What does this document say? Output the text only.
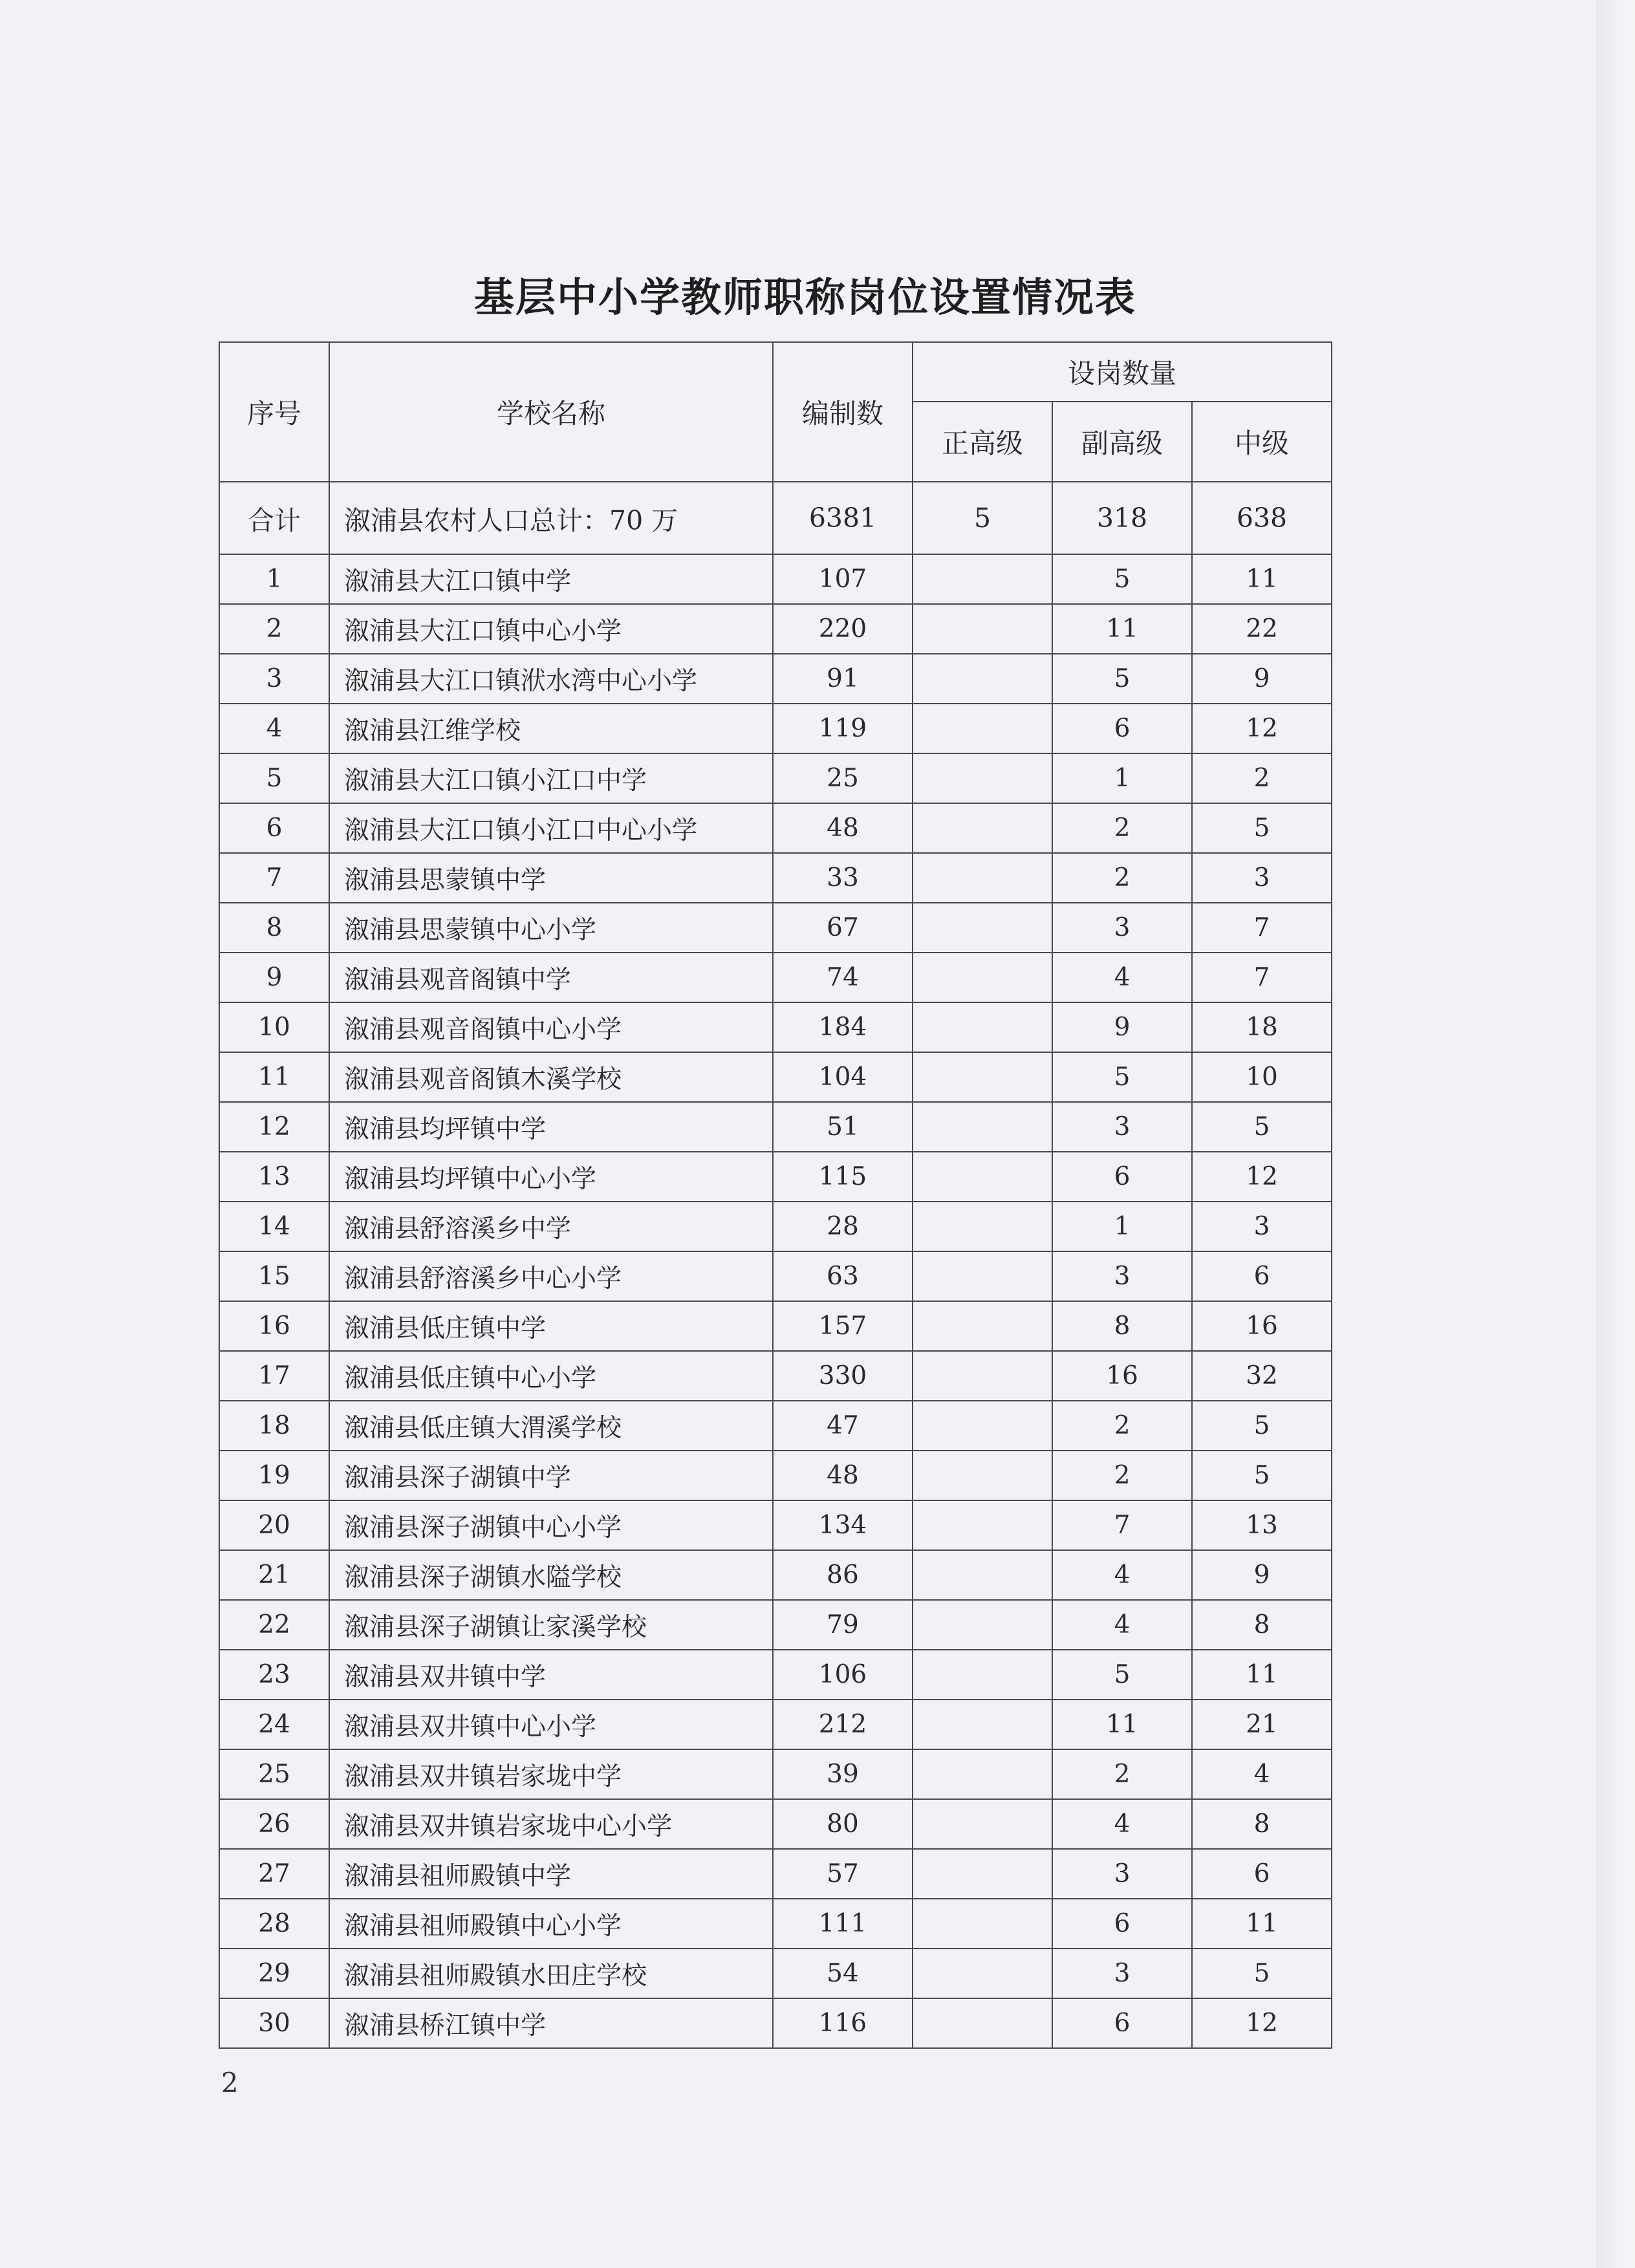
基层中小学教师职称岗位设置情况表
序号	学校名称	编制数	设岗数量		
			正高级	副高级	中级
合计	溆浦县农村人口总计：70 万	6381	5	318	638
1	溆浦县大江口镇中学	107		5	11
2	溆浦县大江口镇中心小学	220		11	22
3	溆浦县大江口镇洑水湾中心小学	91		5	9
4	溆浦县江维学校	119		6	12
5	溆浦县大江口镇小江口中学	25		1	2
6	溆浦县大江口镇小江口中心小学	48		2	5
7	溆浦县思蒙镇中学	33		2	3
8	溆浦县思蒙镇中心小学	67		3	7
9	溆浦县观音阁镇中学	74		4	7
10	溆浦县观音阁镇中心小学	184		9	18
11	溆浦县观音阁镇木溪学校	104		5	10
12	溆浦县均坪镇中学	51		3	5
13	溆浦县均坪镇中心小学	115		6	12
14	溆浦县舒溶溪乡中学	28		1	3
15	溆浦县舒溶溪乡中心小学	63		3	6
16	溆浦县低庄镇中学	157		8	16
17	溆浦县低庄镇中心小学	330		16	32
18	溆浦县低庄镇大渭溪学校	47		2	5
19	溆浦县深子湖镇中学	48		2	5
20	溆浦县深子湖镇中心小学	134		7	13
21	溆浦县深子湖镇水隘学校	86		4	9
22	溆浦县深子湖镇让家溪学校	79		4	8
23	溆浦县双井镇中学	106		5	11
24	溆浦县双井镇中心小学	212		11	21
25	溆浦县双井镇岩家垅中学	39		2	4
26	溆浦县双井镇岩家垅中心小学	80		4	8
27	溆浦县祖师殿镇中学	57		3	6
28	溆浦县祖师殿镇中心小学	111		6	11
29	溆浦县祖师殿镇水田庄学校	54		3	5
30	溆浦县桥江镇中学	116		6	12
2
